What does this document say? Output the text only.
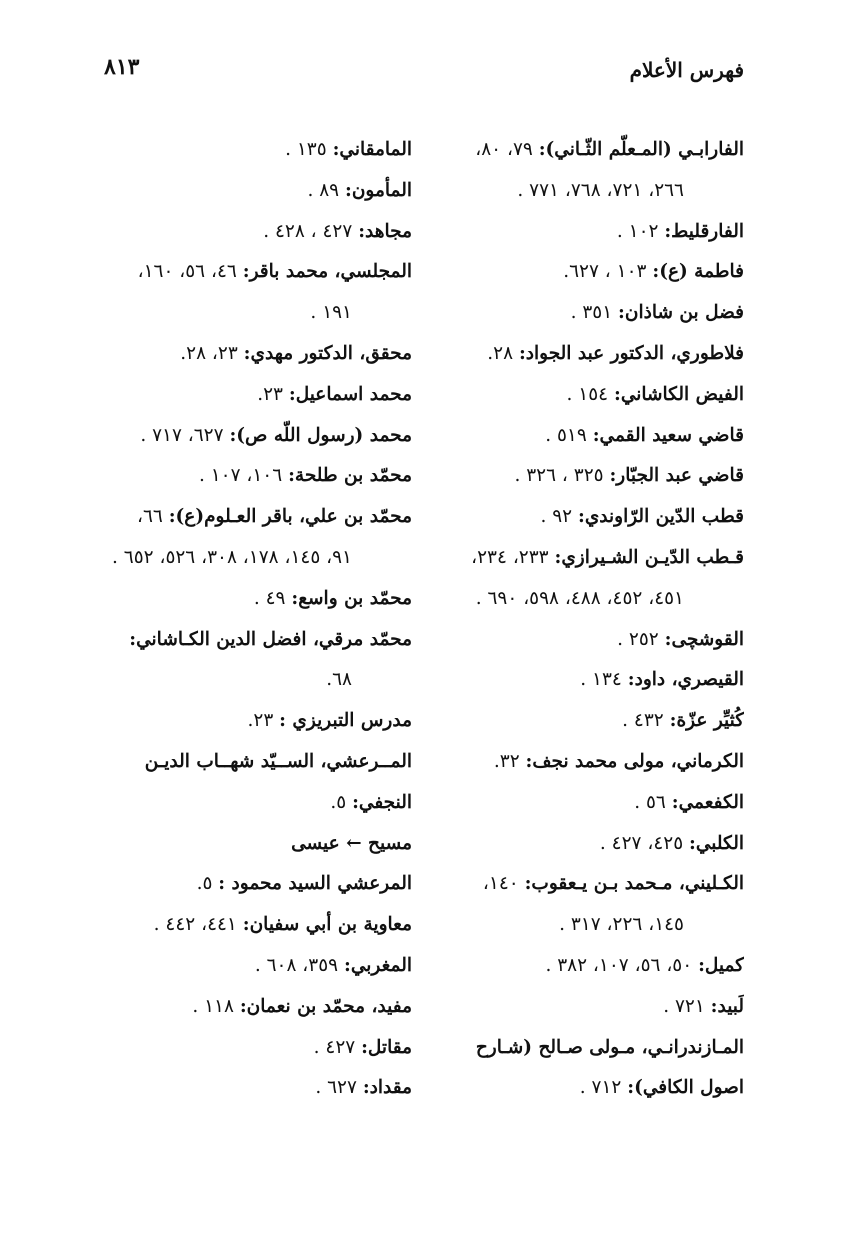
فهرس الأعلام
٨١٣
الفارابـي (المـعلّم الثّـاني): ٧٩، ٨٠،
٢٦٦، ٧٢١، ٧٦٨، ٧٧١ .
الفارقليط: ١٠٢ .
فاطمة (ع): ١٠٣ ، ٦٢٧.
فضل بن شاذان: ٣٥١ .
فلاطوري، الدكتور عبد الجواد: ٢٨.
الفيض الكاشاني: ١٥٤ .
قاضي سعيد القمي: ٥١٩ .
قاضي عبد الجبّار: ٣٢٥ ، ٣٢٦ .
قطب الدّين الرّاوندي: ٩٢ .
قـطب الدّيـن الشـيرازي: ٢٣٣، ٢٣٤،
٤٥١، ٤٥٢، ٤٨٨، ٥٩٨، ٦٩٠ .
القوشچی: ٢٥٢ .
القيصري، داود: ١٣٤ .
كُثيِّر عزّة: ٤٣٢ .
الكرماني، مولى محمد نجف: ٣٢.
الكفعمي: ٥٦ .
الكلبي: ٤٢٥، ٤٢٧ .
الكـليني، مـحمد بـن يـعقوب: ١٤٠،
١٤٥، ٢٢٦، ٣١٧ .
كميل: ٥٠، ٥٦، ١٠٧، ٣٨٢ .
لَبيد: ٧٢١ .
المـازندرانـي، مـولى صـالح (شـارح
اصول الكافي): ٧١٢ .
المامقاني: ١٣٥ .
المأمون: ٨٩ .
مجاهد: ٤٢٧ ، ٤٢٨ .
المجلسي، محمد باقر: ٤٦، ٥٦، ١٦٠،
١٩١ .
محقق، الدكتور مهدي: ٢٣، ٢٨.
محمد اسماعيل: ٢٣.
محمد (رسول اللّه ص): ٦٢٧، ٧١٧ .
محمّد بن طلحة: ١٠٦، ١٠٧ .
محمّد بن علي، باقر العـلوم(ع): ٦٦،
٩١، ١٤٥، ١٧٨، ٣٠٨، ٥٢٦، ٦٥٢ .
محمّد بن واسع: ٤٩ .
محمّد مرقي، افضل الدين الكـاشاني:
٦٨.
مدرس التبريزي : ٢٣.
المــرعشي، الســيّد شهــاب الديـن
النجفي: ٥.
مسيح ← عيسى
المرعشي السيد محمود : ٥.
معاوية بن أبي سفيان: ٤٤١، ٤٤٢ .
المغربي: ٣٥٩، ٦٠٨ .
مفيد، محمّد بن نعمان: ١١٨ .
مقاتل: ٤٢٧ .
مقداد: ٦٢٧ .
